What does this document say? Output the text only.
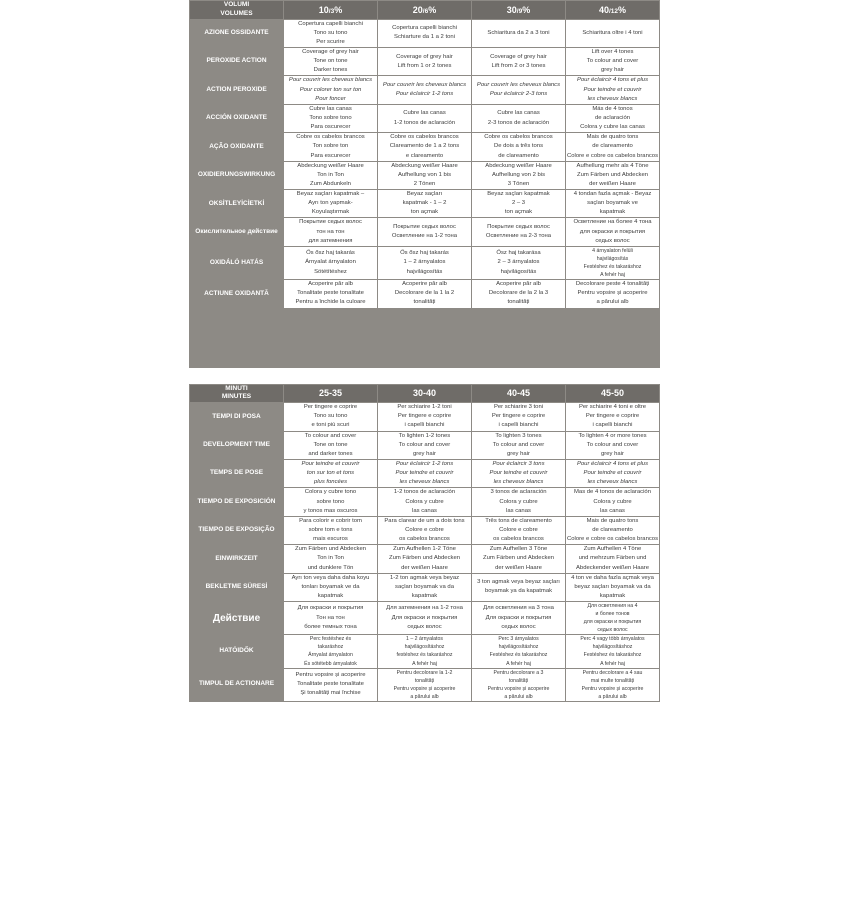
VOLUMI
VOLUMES	10/3%	20/6%	30/9%	40/12%
AZIONE OSSIDANTE	Copertura capelli bianchi
Tono su tono
Per scurire	Copertura capelli bianchi
Schiarture da 1 a 2 toni	Schiaritura da 2 a 3 toni	Schiaritura oltre i 4 toni

PEROXIDE ACTION	Coverage of grey hair
Tone on tone
Darker tones	Coverage of grey hair
Lift from 1 or 2 tones	Coverage of grey hair
Lift from 2 or 3 tones	Lift over 4 tones
To colour and cover
grey hair

ACTION PEROXIDE	Pour couvrir les cheveux blancs
Pour colorer ton sur ton
Pour foncer	Pour couvrir les cheveux blancs
Pour éclaircir 1-2 tons	Pour couvrir les cheveux blancs
Pour éclaircir 2-3 tons	Pour éclaircir 4 tons et plus
Pour teindre et couvrir
les cheveux blancs

ACCIÓN OXIDANTE	Cubre las canas
Tono sobre tono
Para oscurecer	Cubre las canas
1-2 tonos de aclaración	Cubre las canas
2-3 tonos de aclaración	Más de 4 tonos
de aclaración
Colora y cubre las canas

AÇÃO OXIDANTE	Cobre os cabelos brancos
Ton sobre ton
Para escurecer	Cobre os cabelos brancos
Clareamento de 1 a 2 tons
e clareamento	Cobre os cabelos brancos
De dois a três tons
de clareamento	Mais de quatro tons
de clareamento
Colore e cobre os cabelos brancos

OXIDIERUNGSWIRKUNG	Abdeckung weißer Haare
Ton in Ton
Zum Abdunkeln	Abdeckung weißer Haare
Aufhellung von 1 bis
2 Tönen	Abdeckung weißer Haare
Aufhellung von 2 bis
3 Tönen	Aufhellung mehr als 4 Töne
Zum Färben und Abdecken
der weißen Haare

OKSİTLEYİCİETKİ	Beyaz saçları kapatmak –
Ayrı ton yapmak-
Koyulaştırmak	Beyaz saçları
kapatmak - 1 – 2
ton açmak	Beyaz saçları kapatmak
2 – 3
ton açmak	4 tondan fazla açmak - Beyaz
saçları boyamak ve
kapatmak

Окислительное действие	Покрытие седых волос
тон на тон
для затемнения	Покрытие седых волос
Осветление на 1-2 тона	Покрытие седых волос
Осветление на 2-3 тона	Осветление на более 4 тона
для окраски и покрытия
седых волос

OXIDÁLÓ HATÁS	Ős ősz haj takarás
Árnyalat árnyalaton
Sötétítéshez	Ős ősz haj takarás
1 – 2 árnyalatos
hajvilágosítás	Ősz haj takarása
2 – 3 árnyalatos
hajvilágosítás	4 árnyalaton felüli
hajvilágosítás
Festéshez és takaráshoz
A fehér haj

ACTIUNE OXIDANTĂ	Acoperire păr alb
Tonalitate peste tonalitate
Pentru a închide la culoare	Acoperire păr alb
Decolorare de la 1 la 2
tonalități	Acoperire păr alb
Decolorare de la 2 la 3
tonalități	Decolorare peste 4 tonalități
Pentru vopsire și acoperire
a părului alb

MINUTI
MINUTES	25-35	30-40	40-45	45-50
TEMPI DI POSA	Per tingere e coprire
Tono su tono
e toni più scuri	Per schiarire 1-2 toni
Per tingere e coprire
i capelli bianchi	Per schiarire 3 toni
Per tingere e coprire
i capelli bianchi	Per schiarire 4 toni e oltre
Per tingere e coprire
i capelli bianchi

DEVELOPMENT TIME	To colour and cover
Tone on tone
and darker tones	To lighten 1-2 tones
To colour and cover
grey hair	To lighten 3 tones
To colour and cover
grey hair	To lighten 4 or more tones
To colour and cover
grey hair

TEMPS DE POSE	Pour teindre et couvrir
ton sur ton et tons
plus foncées	Pour éclaircir 1-2 tons
Pour teindre et couvrir
les cheveux blancs	Pour éclaircir 3 tons
Pour teindre et couvrir
les cheveux blancs	Pour éclaircir 4 tons et plus
Pour teindre et couvrir
les cheveux blancs

TIEMPO DE EXPOSICIÓN	Colora y cubre tono
sobre tono
y tonos mas oscuros	1-2 tonos de aclaración
Colora y cubre
las canas	3 tonos de aclaración
Colora y cubre
las canas	Mas de 4 tonos de aclaración
Colora y cubre
las canas

TIEMPO DE EXPOSIÇÃO	Para colorir e cobrir tom
sobre tom e tons
mais escuros	Para clarear de um a dois tons
Colore e cobre
os cabelos brancos	Três tons de clareamento
Colore e cobre
os cabelos brancos	Mais de quatro tons
de clareamento
Colore e cobre os cabelos brancos

EINWIRKZEIT	Zum Färben und Abdecken
Ton in Ton
und dunklere Tön	Zum Aufhellen 1-2 Töne
Zum Färben und Abdecken
der weißen Haare	Zum Aufhellen 3 Töne
Zum Färben und Abdecken
der weißen Haare	Zum Aufhellen 4 Töne
und mehrzum Färben und
Abdeckender weißen Haare

BEKLETME SÜRESİ	Ayrı ton veya daha daha koyu
tonları boyamak ve da
kapatmak	1-2 ton agmak veya beyaz
saçları boyamak va da
kapatmak	3 ton agmak veya beyaz saçları
boyamak ya da kapatmak	4 ton ve daha fazla açmak veya
beyaz saçları boyamak va da
kapatmak

Действие	Для окраски и покрытия
Тон на тон
более темных тона	Для затемнения на 1-2 тона
Для окраски и покрытия
седых волос	Для осветления на 3 тона
Для окраски и покрытия
седых волос	Для осветления на 4
и более тонов
для окраски и покрытия
седых волос

HATÓIDŐK	Perc festéshez és
takaráshoz
Árnyalat árnyalaton
És sötétebb árnyalatok	1 – 2 árnyalatos
hajvilágosításhoz
festéshez és takaráshoz
A fehér haj	Perc 3 árnyalatos
hajvilágosításhoz
Festéshez és takaráshoz
A fehér haj	Perc 4 vagy több árnyalatos
hajvilágosításhoz
Festéshez és takaráshoz
A fehér haj

TIMPUL DE ACTIONARE	Pentru vopsire și acoperire
Tonalitate peste tonalitate
Și tonalități mai închise	Pentru decolorare la 1-2
tonalități
Pentru vopsire și acoperire
a părului alb	Pentru decolorare a 3
tonalități
Pentru vopsire și acoperire
a părului alb	Pentru decolorare a 4 sau
mai multe tonalități
Pentru vopsire și acoperire
a părului alb
